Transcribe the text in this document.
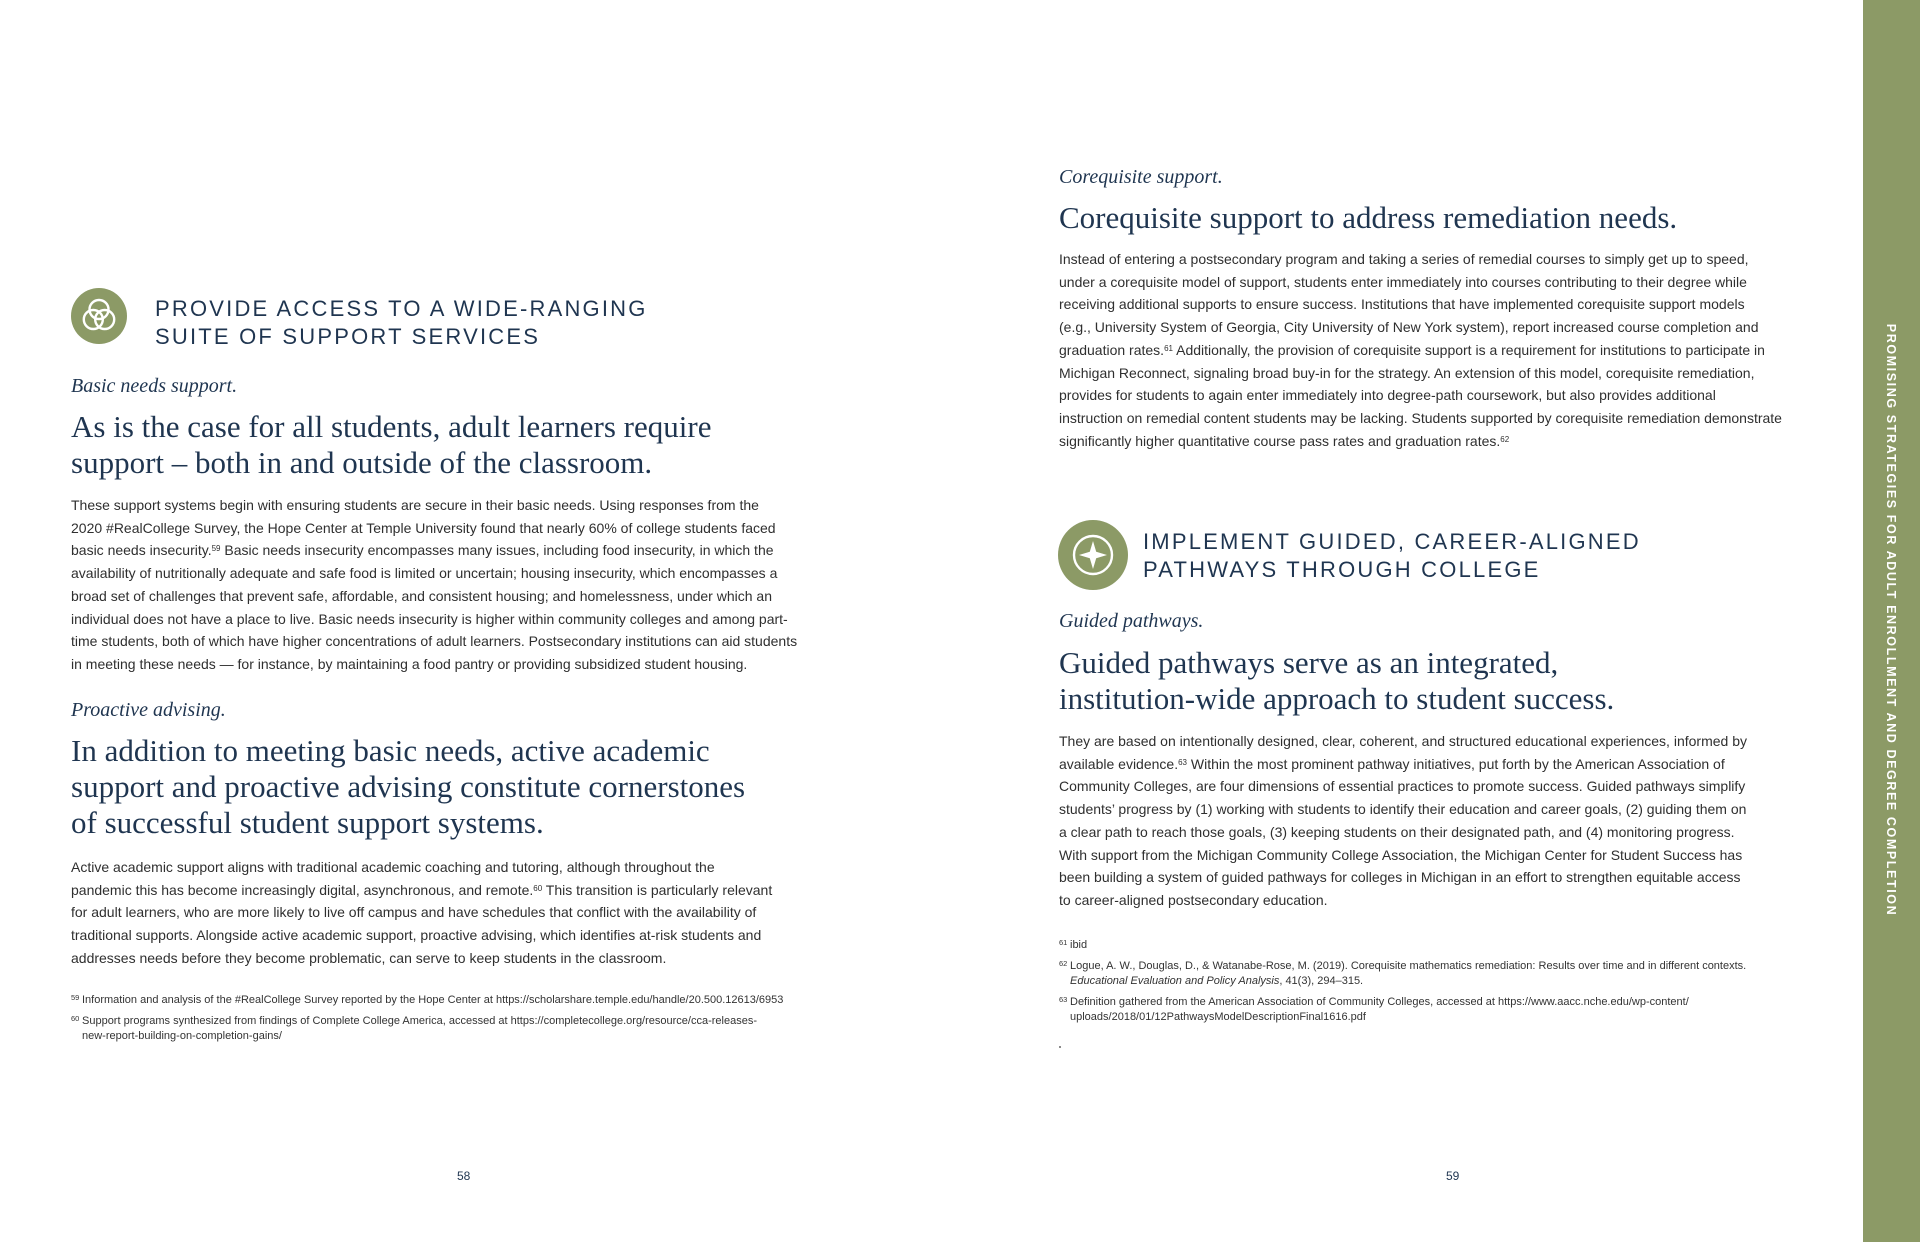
PROVIDE ACCESS TO A WIDE-RANGING
SUITE OF SUPPORT SERVICES
Basic needs support.
As is the case for all students, adult learners require
support – both in and outside of the classroom.
These support systems begin with ensuring students are secure in their basic needs. Using responses from the
2020 #RealCollege Survey, the Hope Center at Temple University found that nearly 60% of college students faced
basic needs insecurity.$^{59}$ Basic needs insecurity encompasses many issues, including food insecurity, in which the
availability of nutritionally adequate and safe food is limited or uncertain; housing insecurity, which encompasses a
broad set of challenges that prevent safe, affordable, and consistent housing; and homelessness, under which an
individual does not have a place to live. Basic needs insecurity is higher within community colleges and among part-
time students, both of which have higher concentrations of adult learners. Postsecondary institutions can aid students
in meeting these needs — for instance, by maintaining a food pantry or providing subsidized student housing.
Proactive advising.
In addition to meeting basic needs, active academic
support and proactive advising constitute cornerstones
of successful student support systems.
Active academic support aligns with traditional academic coaching and tutoring, although throughout the
pandemic this has become increasingly digital, asynchronous, and remote.$^{60}$ This transition is particularly relevant
for adult learners, who are more likely to live off campus and have schedules that conflict with the availability of
traditional supports. Alongside active academic support, proactive advising, which identifies at-risk students and
addresses needs before they become problematic, can serve to keep students in the classroom.
59 Information and analysis of the #RealCollege Survey reported by the Hope Center at https://scholarshare.temple.edu/handle/20.500.12613/6953
60 Support programs synthesized from findings of Complete College America, accessed at https://completecollege.org/resource/cca-releases-
new-report-building-on-completion-gains/
58
Corequisite support.
Corequisite support to address remediation needs.
Instead of entering a postsecondary program and taking a series of remedial courses to simply get up to speed,
under a corequisite model of support, students enter immediately into courses contributing to their degree while
receiving additional supports to ensure success. Institutions that have implemented corequisite support models
(e.g., University System of Georgia, City University of New York system), report increased course completion and
graduation rates.$^{61}$ Additionally, the provision of corequisite support is a requirement for institutions to participate in
Michigan Reconnect, signaling broad buy-in for the strategy. An extension of this model, corequisite remediation,
provides for students to again enter immediately into degree-path coursework, but also provides additional
instruction on remedial content students may be lacking. Students supported by corequisite remediation demonstrate
significantly higher quantitative course pass rates and graduation rates.$^{62}$
IMPLEMENT GUIDED, CAREER-ALIGNED
PATHWAYS THROUGH COLLEGE
Guided pathways.
Guided pathways serve as an integrated,
institution-wide approach to student success.
They are based on intentionally designed, clear, coherent, and structured educational experiences, informed by
available evidence.$^{63}$ Within the most prominent pathway initiatives, put forth by the American Association of
Community Colleges, are four dimensions of essential practices to promote success. Guided pathways simplify
students’ progress by (1) working with students to identify their education and career goals, (2) guiding them on
a clear path to reach those goals, (3) keeping students on their designated path, and (4) monitoring progress.
With support from the Michigan Community College Association, the Michigan Center for Student Success has
been building a system of guided pathways for colleges in Michigan in an effort to strengthen equitable access
to career-aligned postsecondary education.
61 ibid
62 Logue, A. W., Douglas, D., & Watanabe-Rose, M. (2019). Corequisite mathematics remediation: Results over time and in different contexts.
Educational Evaluation and Policy Analysis, 41(3), 294–315.
63 Definition gathered from the American Association of Community Colleges, accessed at https://www.aacc.nche.edu/wp-content/
uploads/2018/01/12PathwaysModelDescriptionFinal1616.pdf
59
PROMISING STRATEGIES FOR ADULT ENROLLMENT AND DEGREE COMPLETION
